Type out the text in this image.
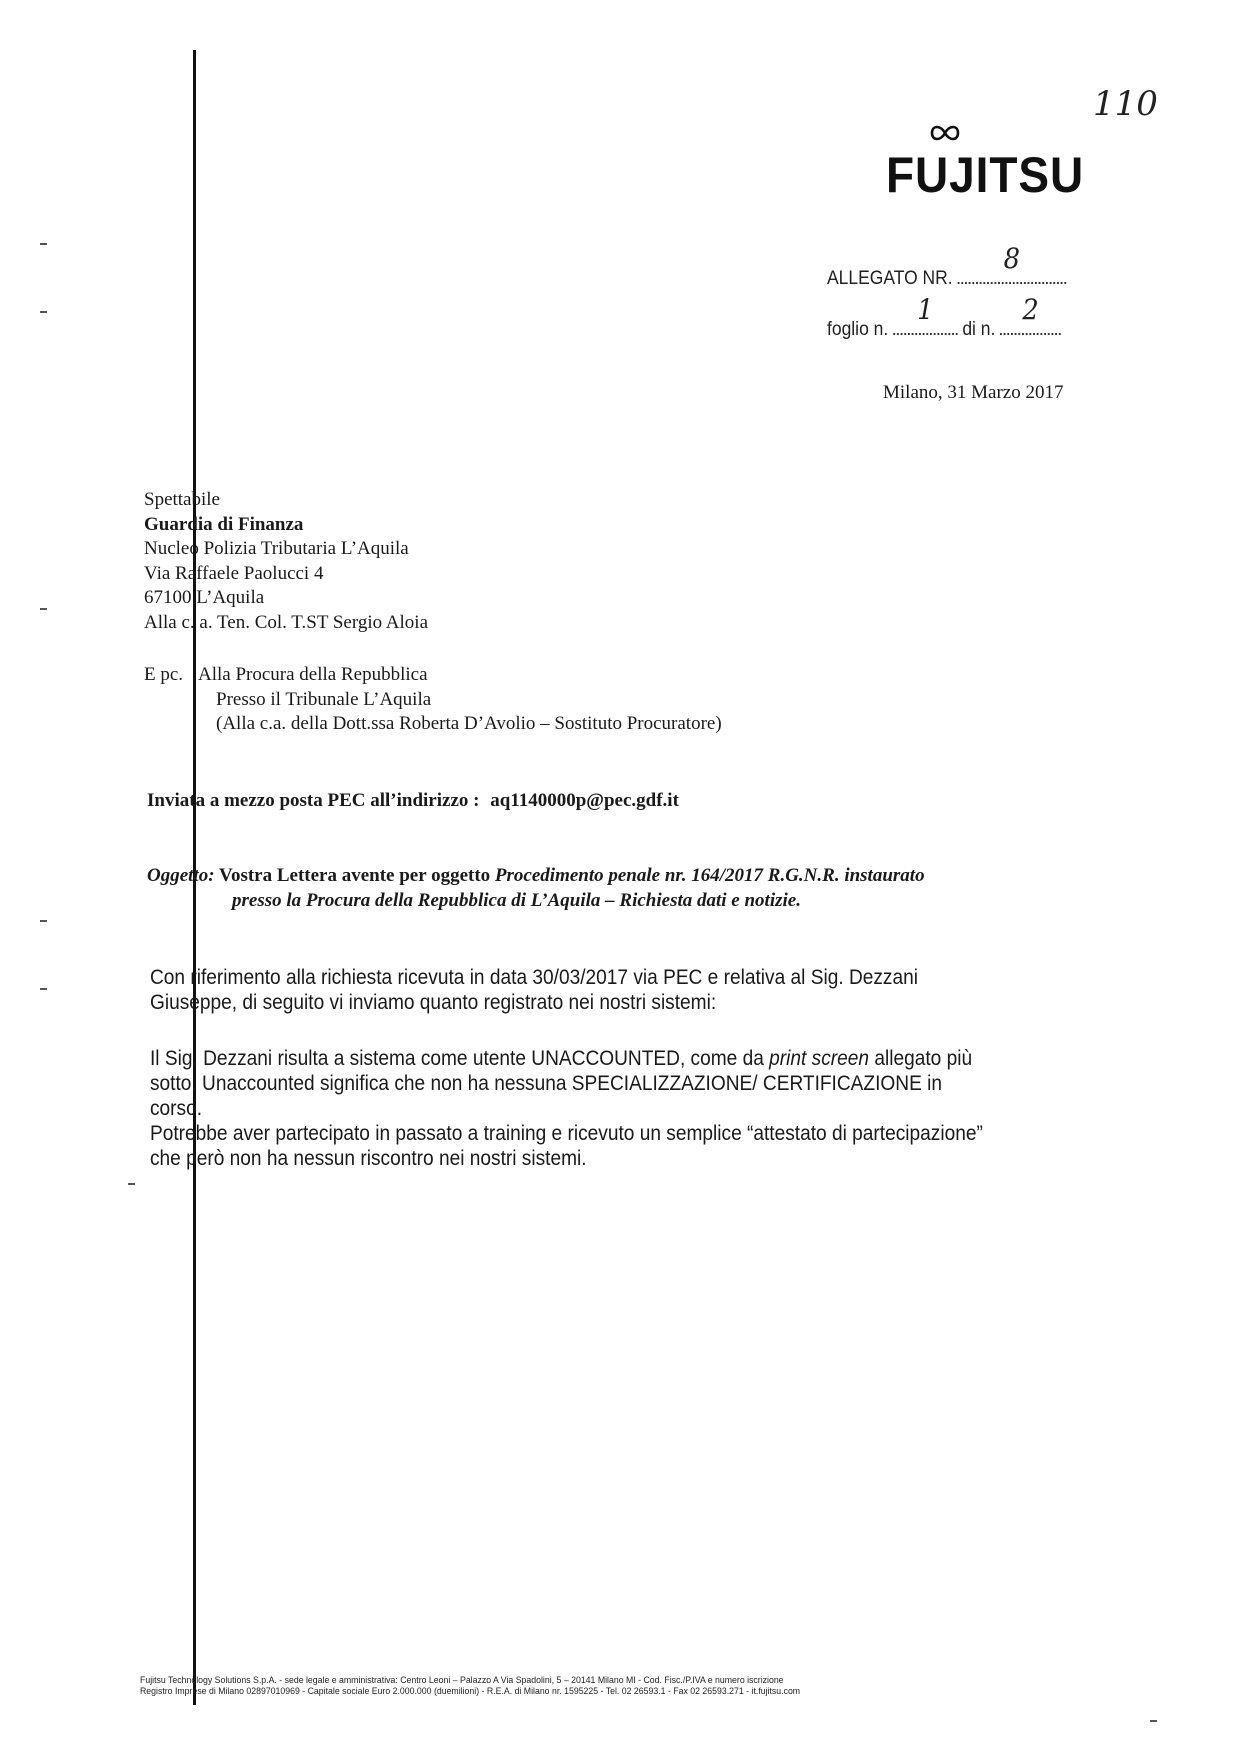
110
FUJITSU
ALLEGATO NR.
8
foglio n.
1
di n.
2
Milano, 31 Marzo 2017
Spettabile
Guardia di Finanza
Nucleo Polizia Tributaria L’Aquila
Via Raffaele Paolucci 4
67100 L’Aquila
Alla c. a. Ten. Col. T.ST Sergio Aloia
E pc. Alla Procura della Repubblica
Presso il Tribunale L’Aquila
(Alla c.a. della Dott.ssa Roberta D’Avolio – Sostituto Procuratore)
Inviata a mezzo posta PEC all’indirizzo : aq1140000p@pec.gdf.it
Oggetto: Vostra Lettera avente per oggetto Procedimento penale nr. 164/2017 R.G.N.R. instaurato
presso la Procura della Repubblica di L’Aquila – Richiesta dati e notizie.
Con riferimento alla richiesta ricevuta in data 30/03/2017 via PEC e relativa al Sig. Dezzani
Giuseppe, di seguito vi inviamo quanto registrato nei nostri sistemi:
Il Sig. Dezzani risulta a sistema come utente UNACCOUNTED, come da print screen allegato più
sotto. Unaccounted significa che non ha nessuna SPECIALIZZAZIONE/ CERTIFICAZIONE in
corso.
Potrebbe aver partecipato in passato a training e ricevuto un semplice “attestato di partecipazione”
che però non ha nessun riscontro nei nostri sistemi.
Fujitsu Technology Solutions S.p.A. - sede legale e amministrativa: Centro Leoni – Palazzo A Via Spadolini, 5 – 20141 Milano MI - Cod. Fisc./P.IVA e numero iscrizione
Registro Imprese di Milano 02897010969 - Capitale sociale Euro 2.000.000 (duemilioni) - R.E.A. di Milano nr. 1595225 - Tel. 02 26593.1 - Fax 02 26593.271 - it.fujitsu.com
